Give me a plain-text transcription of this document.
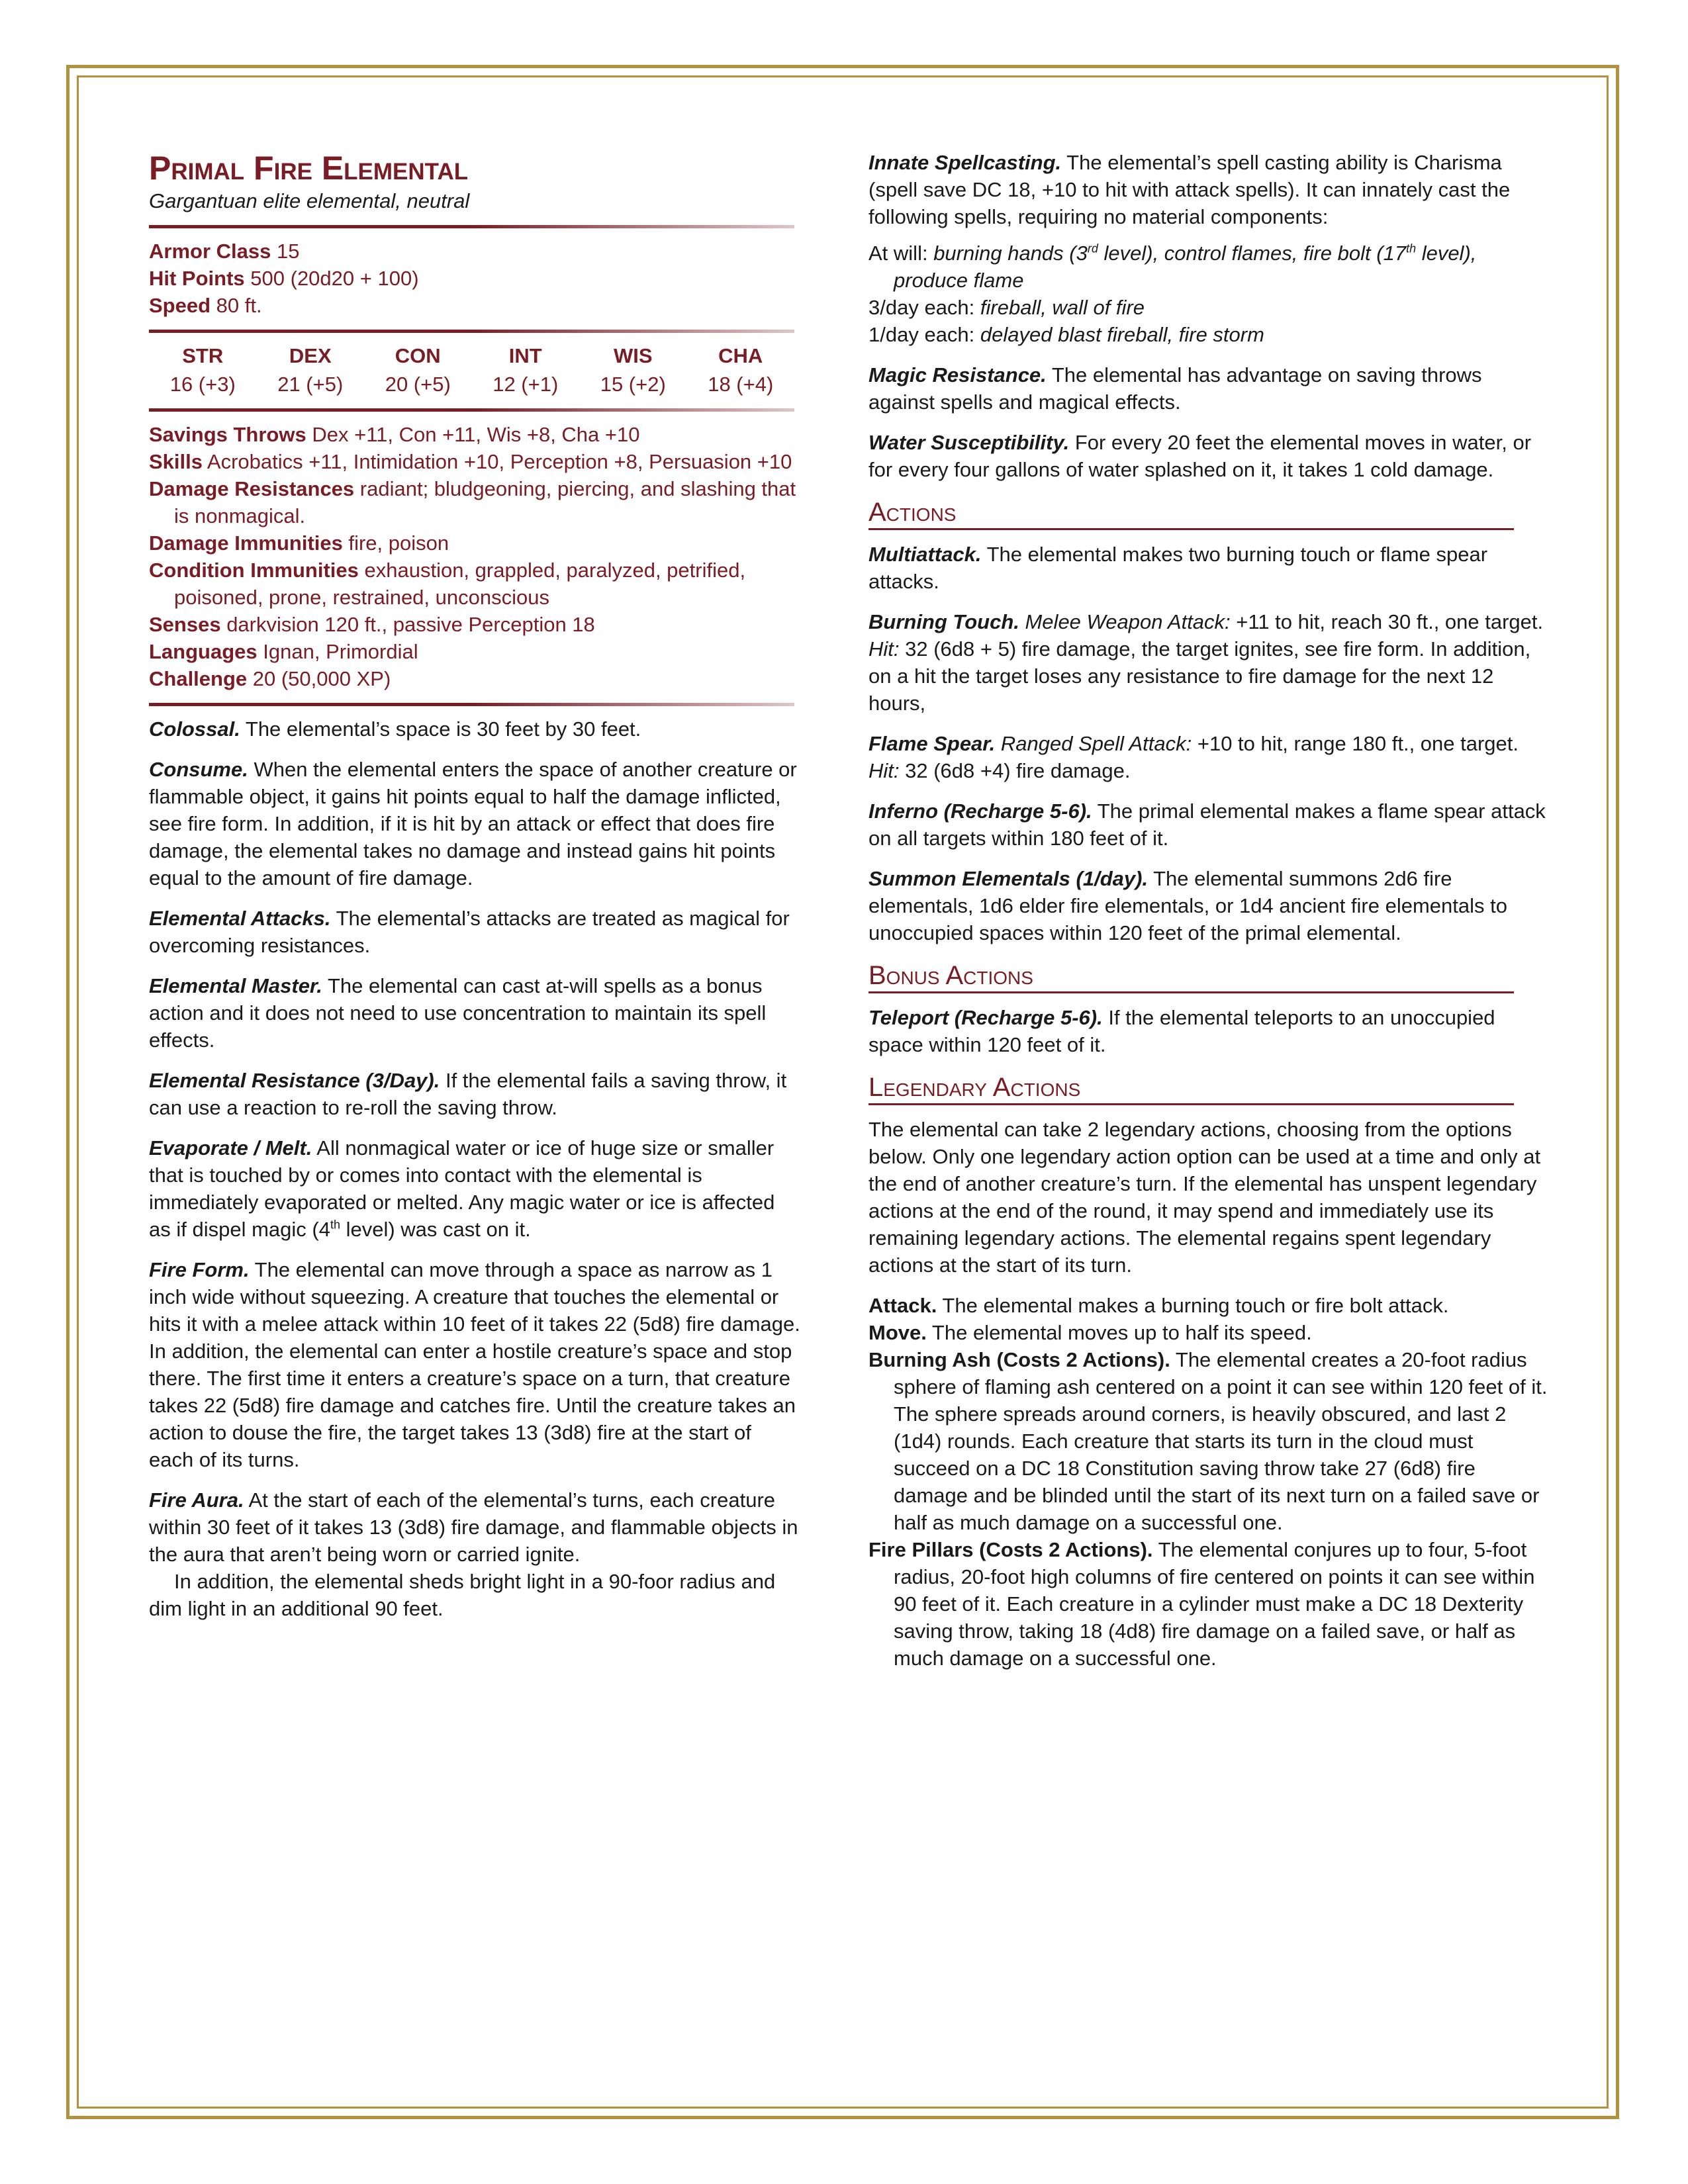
Primal Fire Elemental

Gargantuan elite elemental, neutral

Armor Class 15

Hit Points 500 (20d20 + 100)

Speed 80 ft.

STR	DEX	CON	INT	WIS	CHA
16 (+3)	21 (+5)	20 (+5)	12 (+1)	15 (+2)	18 (+4)

Savings Throws Dex +11, Con +11, Wis +8, Cha +10

Skills Acrobatics +11, Intimidation +10, Perception +8, Persuasion +10

Damage Resistances radiant; bludgeoning, piercing, and slashing that is nonmagical.

Damage Immunities fire, poison

Condition Immunities exhaustion, grappled, paralyzed, petrified, poisoned, prone, restrained, unconscious

Senses darkvision 120 ft., passive Perception 18

Languages Ignan, Primordial

Challenge 20 (50,000 XP)

Colossal. The elemental’s space is 30 feet by 30 feet.

Consume. When the elemental enters the space of another creature or flammable object, it gains hit points equal to half the damage inflicted, see fire form. In addition, if it is hit by an attack or effect that does fire damage, the elemental takes no damage and instead gains hit points equal to the amount of fire damage.

Elemental Attacks. The elemental’s attacks are treated as magical for overcoming resistances.

Elemental Master. The elemental can cast at-will spells as a bonus action and it does not need to use concentration to maintain its spell effects.

Elemental Resistance (3/Day). If the elemental fails a saving throw, it can use a reaction to re-roll the saving throw.

Evaporate / Melt. All nonmagical water or ice of huge size or smaller that is touched by or comes into contact with the elemental is immediately evaporated or melted. Any magic water or ice is affected as if dispel magic (4th level) was cast on it.

Fire Form. The elemental can move through a space as narrow as 1 inch wide without squeezing. A creature that touches the elemental or hits it with a melee attack within 10 feet of it takes 22 (5d8) fire damage. In addition, the elemental can enter a hostile creature’s space and stop there. The first time it enters a creature’s space on a turn, that creature takes 22 (5d8) fire damage and catches fire. Until the creature takes an action to douse the fire, the target takes 13 (3d8) fire at the start of each of its turns.

Fire Aura. At the start of each of the elemental’s turns, each creature within 30 feet of it takes 13 (3d8) fire damage, and flammable objects in the aura that aren’t being worn or carried ignite.

In addition, the elemental sheds bright light in a 90-foor radius and dim light in an additional 90 feet.

Innate Spellcasting. The elemental’s spell casting ability is Charisma (spell save DC 18, +10 to hit with attack spells). It can innately cast the following spells, requiring no material components:

At will: burning hands (3rd level), control flames, fire bolt (17th level), produce flame

3/day each: fireball, wall of fire

1/day each: delayed blast fireball, fire storm

Magic Resistance. The elemental has advantage on saving throws against spells and magical effects.

Water Susceptibility. For every 20 feet the elemental moves in water, or for every four gallons of water splashed on it, it takes 1 cold damage.

Actions

Multiattack. The elemental makes two burning touch or flame spear attacks.

Burning Touch. Melee Weapon Attack: +11 to hit, reach 30 ft., one target. Hit: 32 (6d8 + 5) fire damage, the target ignites, see fire form. In addition, on a hit the target loses any resistance to fire damage for the next 12 hours,

Flame Spear. Ranged Spell Attack: +10 to hit, range 180 ft., one target. Hit: 32 (6d8 +4) fire damage.

Inferno (Recharge 5-6). The primal elemental makes a flame spear attack on all targets within 180 feet of it.

Summon Elementals (1/day). The elemental summons 2d6 fire elementals, 1d6 elder fire elementals, or 1d4 ancient fire elementals to unoccupied spaces within 120 feet of the primal elemental.

Bonus Actions

Teleport (Recharge 5-6). If the elemental teleports to an unoccupied space within 120 feet of it.

Legendary Actions

The elemental can take 2 legendary actions, choosing from the options below. Only one legendary action option can be used at a time and only at the end of another creature’s turn. If the elemental has unspent legendary actions at the end of the round, it may spend and immediately use its remaining legendary actions. The elemental regains spent legendary actions at the start of its turn.

Attack. The elemental makes a burning touch or fire bolt attack.

Move. The elemental moves up to half its speed.

Burning Ash (Costs 2 Actions). The elemental creates a 20-foot radius sphere of flaming ash centered on a point it can see within 120 feet of it. The sphere spreads around corners, is heavily obscured, and last 2 (1d4) rounds. Each creature that starts its turn in the cloud must succeed on a DC 18 Constitution saving throw take 27 (6d8) fire damage and be blinded until the start of its next turn on a failed save or half as much damage on a successful one.

Fire Pillars (Costs 2 Actions). The elemental conjures up to four, 5-foot radius, 20-foot high columns of fire centered on points it can see within 90 feet of it. Each creature in a cylinder must make a DC 18 Dexterity saving throw, taking 18 (4d8) fire damage on a failed save, or half as much damage on a successful one.
